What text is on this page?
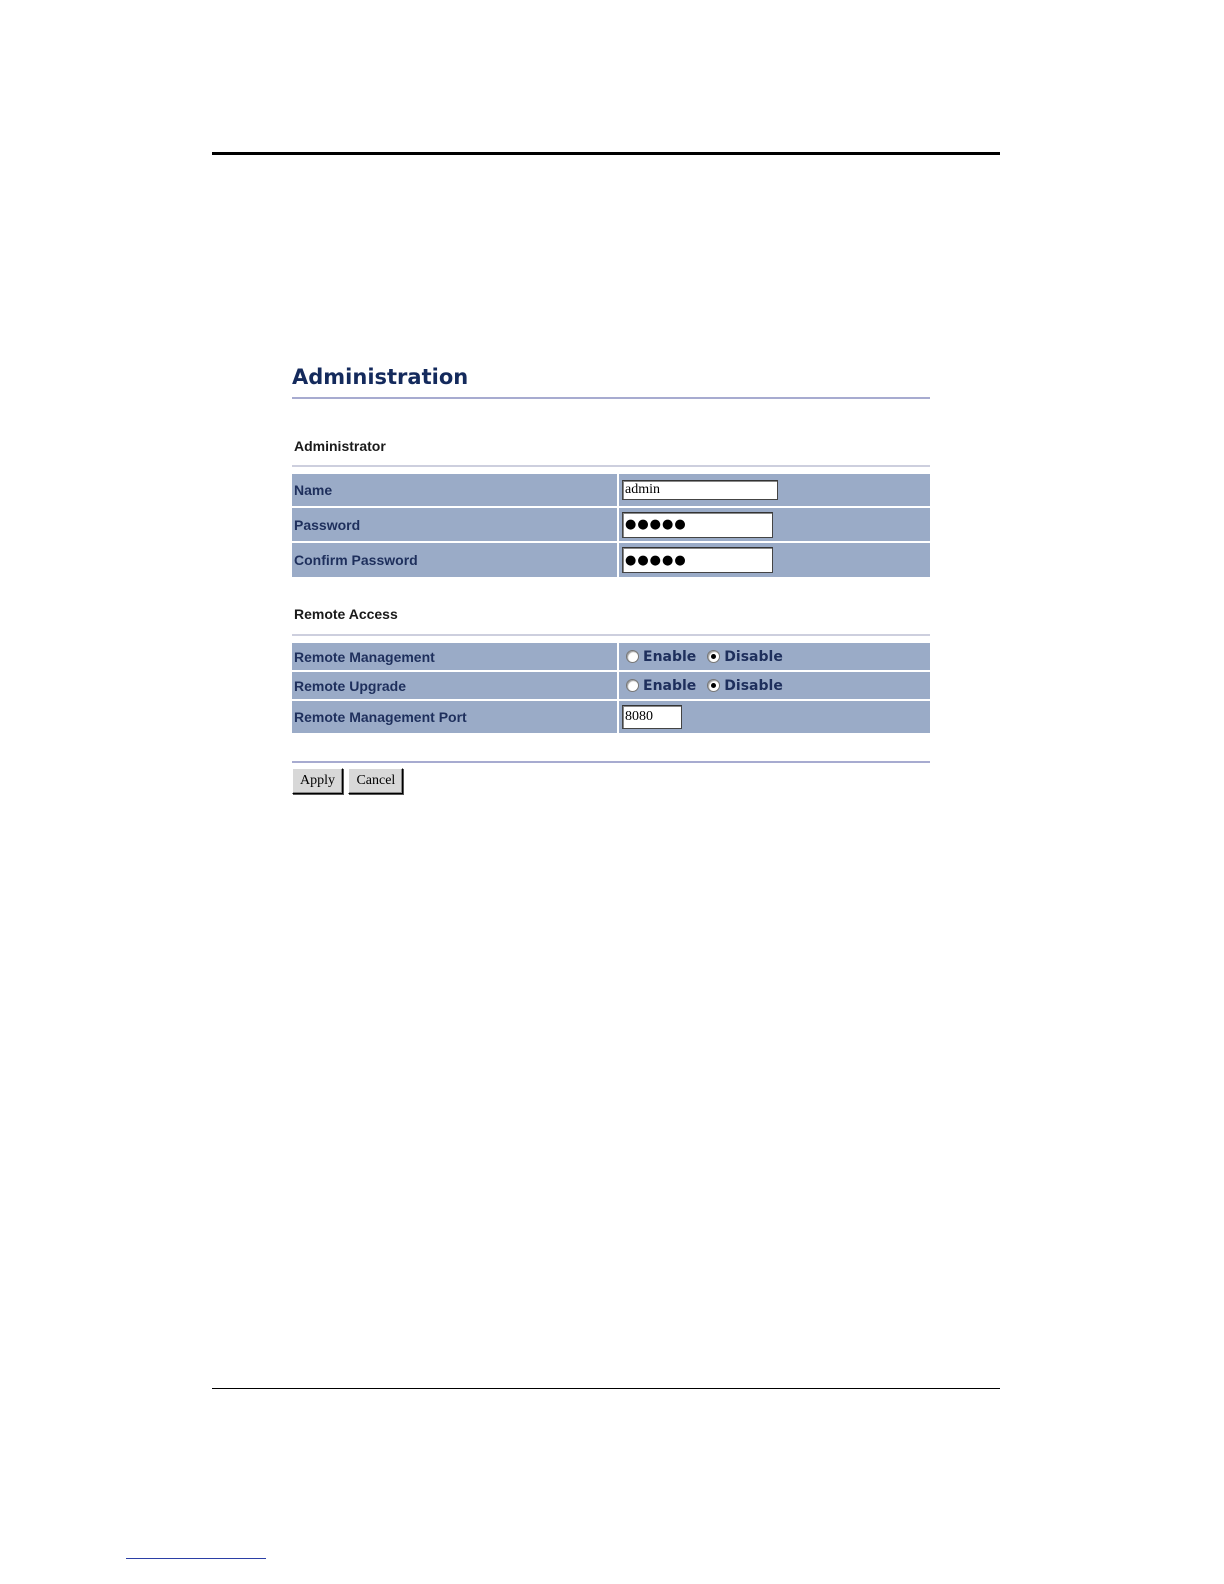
Administration
Administrator
Name	admin
Password	●●●●●
Confirm Password	●●●●●
Remote Access
Remote Management	Enable Disable

Remote Upgrade	Enable Disable

Remote Management Port	8080
Apply Cancel
